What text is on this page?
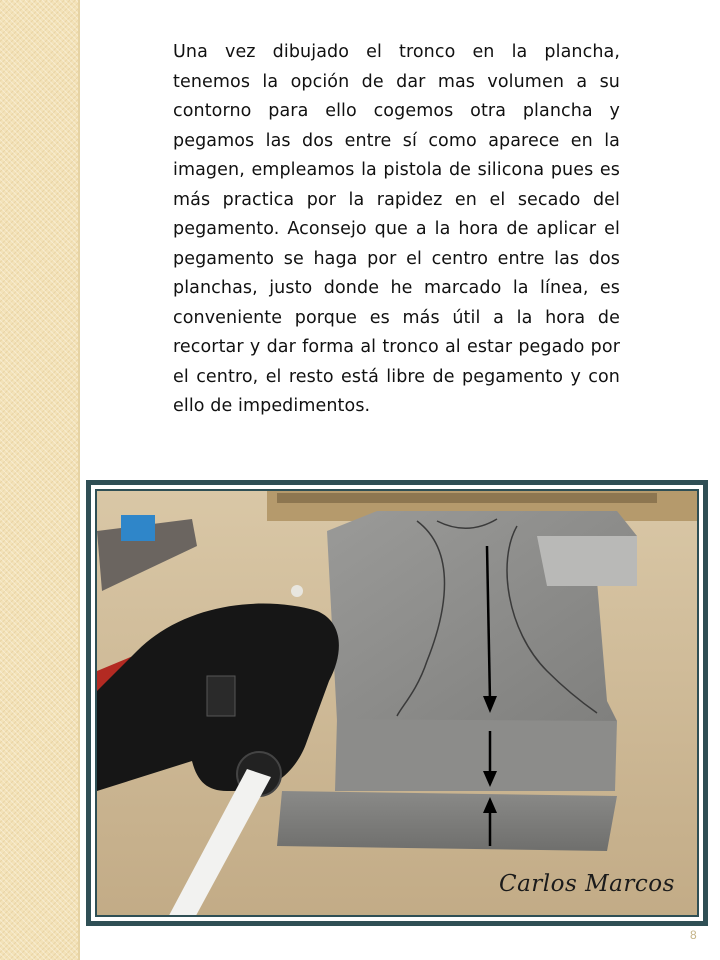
Una vez dibujado el tronco en la plancha, tenemos la opción de dar mas volumen a su contorno para ello cogemos otra plancha y pegamos las dos entre sí como aparece en la imagen, empleamos la pistola de silicona pues es más practica por la rapidez en el secado del pegamento. Aconsejo que a la hora de aplicar el pegamento se haga por el centro entre las dos planchas, justo donde he marcado la línea, es conveniente porque es más útil a la hora de recortar y dar forma al tronco al estar pegado por el centro, el resto está libre de pegamento y con ello de impedimentos.

Carlos Marcos
8
